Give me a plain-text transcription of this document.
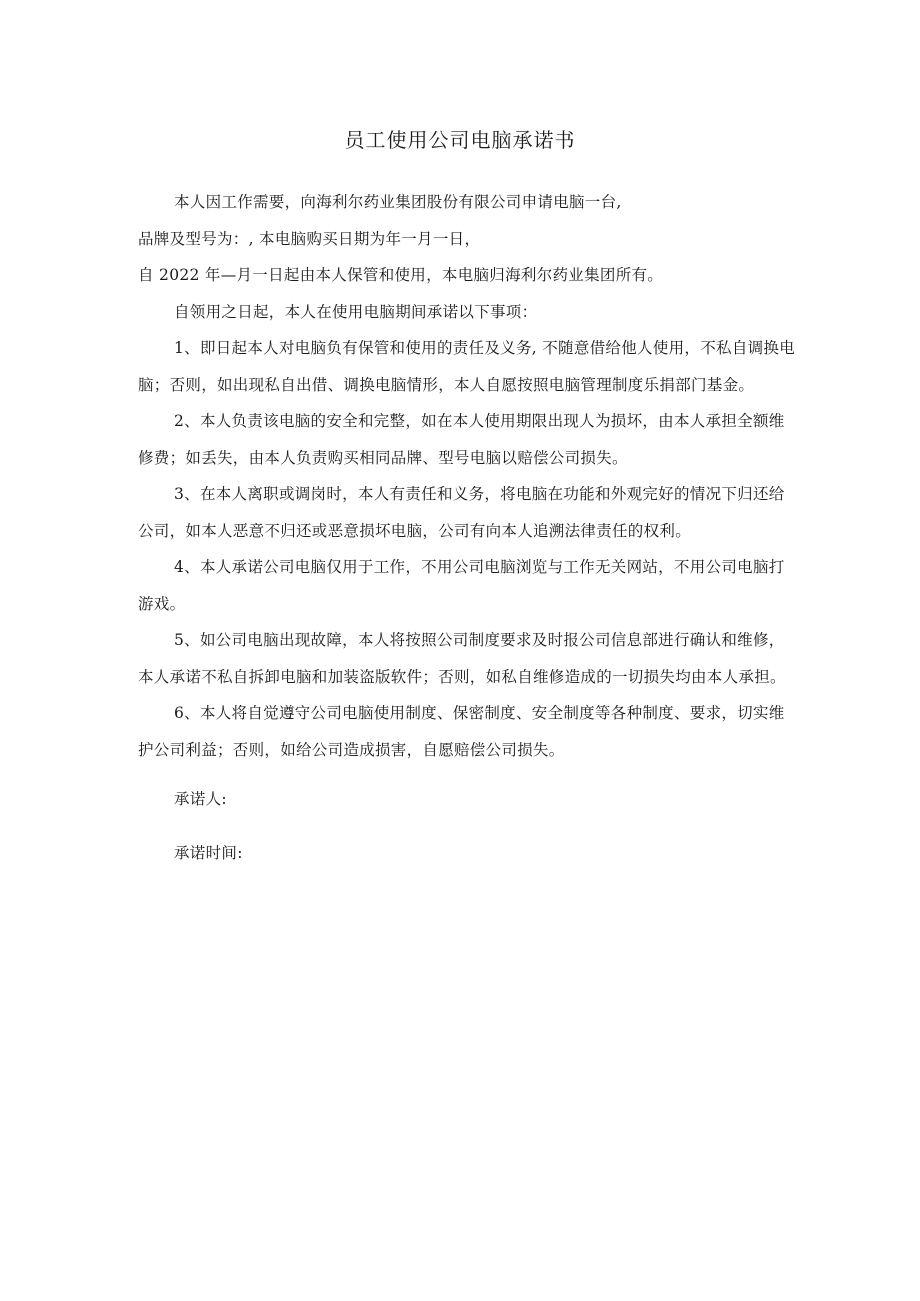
员工使用公司电脑承诺书

本人因工作需要，向海利尔药业集团股份有限公司申请电脑一台,

品牌及型号为：, 本电脑购买日期为年一月一日，

自 2022 年—月一日起由本人保管和使用，本电脑归海利尔药业集团所有。

自领用之日起，本人在使用电脑期间承诺以下事项：

1、即日起本人对电脑负有保管和使用的责任及义务, 不随意借给他人使用，不私自调换电脑；否则，如出现私自出借、调换电脑情形，本人自愿按照电脑管理制度乐捐部门基金。

2、本人负责该电脑的安全和完整，如在本人使用期限出现人为损坏，由本人承担全额维修费；如丢失，由本人负责购买相同品牌、型号电脑以赔偿公司损失。

3、在本人离职或调岗时，本人有责任和义务，将电脑在功能和外观完好的情况下归还给公司，如本人恶意不归还或恶意损坏电脑，公司有向本人追溯法律责任的权利。

4、本人承诺公司电脑仅用于工作，不用公司电脑浏览与工作无关网站，不用公司电脑打游戏。

5、如公司电脑出现故障，本人将按照公司制度要求及时报公司信息部进行确认和维修，本人承诺不私自拆卸电脑和加装盗版软件；否则，如私自维修造成的一切损失均由本人承担。

6、本人将自觉遵守公司电脑使用制度、保密制度、安全制度等各种制度、要求，切实维护公司利益；否则，如给公司造成损害，自愿赔偿公司损失。

承诺人:

承诺时间:
